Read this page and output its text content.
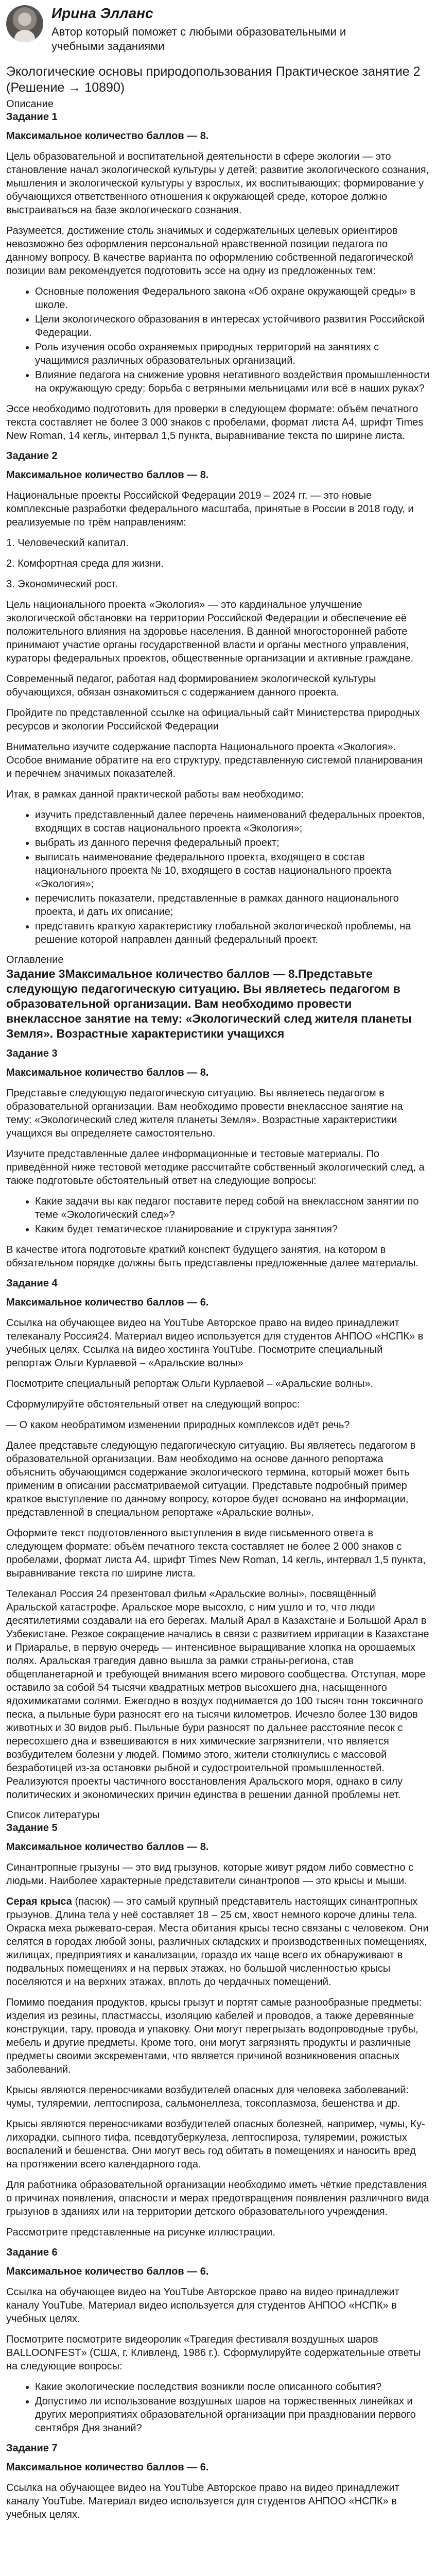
Ирина Элланс
Автор который поможет с любыми образовательными и учебными заданиями
Экологические основы природопользования Практическое занятие 2 (Решение → 10890)
Описание
Задание 1
Максимальное количество баллов — 8.

Цель образовательной и воспитательной деятельности в сфере экологии — это становление начал экологической культуры у детей; развитие экологического сознания, мышления и экологической культуры у взрослых, их воспитывающих; формирование у обучающихся ответственного отношения к окружающей среде, которое должно выстраиваться на базе экологического сознания.

Разумеется, достижение столь значимых и содержательных целевых ориентиров невозможно без оформления персональной нравственной позиции педагога по данному вопросу. В качестве варианта по оформлению собственной педагогической позиции вам рекомендуется подготовить эссе на одну из предложенных тем:

• Основные положения Федерального закона «Об охране окружающей среды» в школе.
• Цели экологического образования в интересах устойчивого развития Российской Федерации.
• Роль изучения особо охраняемых природных территорий на занятиях с учащимися различных образовательных организаций.
• Влияние педагога на снижение уровня негативного воздействия промышленности на окружающую среду: борьба с ветряными мельницами или всё в наших руках?

Эссе необходимо подготовить для проверки в следующем формате: объём печатного текста составляет не более 3 000 знаков с пробелами, формат листа А4, шрифт Times New Roman, 14 кегль, интервал 1,5 пункта, выравнивание текста по ширине листа.

Задание 2
Максимальное количество баллов — 8.

Национальные проекты Российской Федерации 2019 – 2024 гг. — это новые комплексные разработки федерального масштаба, принятые в России в 2018 году, и реализуемые по трём направлениям:

1. Человеческий капитал.

2. Комфортная среда для жизни.

3. Экономический рост.

Цель национального проекта «Экология» — это кардинальное улучшение экологической обстановки на территории Российской Федерации и обеспечение её положительного влияния на здоровье населения. В данной многосторонней работе принимают участие органы государственной власти и органы местного управления, кураторы федеральных проектов, общественные организации и активные граждане.

Современный педагог, работая над формированием экологической культуры обучающихся, обязан ознакомиться с содержанием данного проекта.

Пройдите по представленной ссылке на официальный сайт Министерства природных ресурсов и экологии Российской Федерации

Внимательно изучите содержание паспорта Национального проекта «Экология». Особое внимание обратите на его структуру, представленную системой планирования и перечнем значимых показателей.

Итак, в рамках данной практической работы вам необходимо:

• изучить представленный далее перечень наименований федеральных проектов, входящих в состав национального проекта «Экология»;
• выбрать из данного перечня федеральный проект;
• выписать наименование федерального проекта, входящего в состав национального проекта № 10, входящего в состав национального проекта «Экология»;
• перечислить показатели, представленные в рамках данного национального проекта, и дать их описание;
• представить краткую характеристику глобальной экологической проблемы, на решение которой направлен данный федеральный проект.
Оглавление
Задание 3Максимальное количество баллов — 8.Представьте следующую педагогическую ситуацию. Вы являетесь педагогом в образовательной организации. Вам необходимо провести внеклассное занятие на тему: «Экологический след жителя планеты Земля». Возрастные характеристики учащихся
Задание 3
Максимальное количество баллов — 8.

Представьте следующую педагогическую ситуацию. Вы являетесь педагогом в образовательной организации. Вам необходимо провести внеклассное занятие на тему: «Экологический след жителя планеты Земля». Возрастные характеристики учащихся вы определяете самостоятельно.

Изучите представленные далее информационные и тестовые материалы. По приведённой ниже тестовой методике рассчитайте собственный экологический след, а также подготовьте обстоятельный ответ на следующие вопросы:

• Какие задачи вы как педагог поставите перед собой на внеклассном занятии по теме «Экологический след»?
• Каким будет тематическое планирование и структура занятия?

В качестве итога подготовьте краткий конспект будущего занятия, на котором в обязательном порядке должны быть представлены предложенные далее материалы.

Задание 4
Максимальное количество баллов — 6.

Ссылка на обучающее видео на YouTube Авторское право на видео принадлежит телеканалу Россия24. Материал видео используется для студентов АНПОО «НСПК» в учебных целях. Ссылка на видео хостинга YouTube. Посмотрите специальный репортаж Ольги Курлаевой – «Аральские волны»

Посмотрите специальный репортаж Ольги Курлаевой – «Аральские волны».

Сформулируйте обстоятельный ответ на следующий вопрос:

— О каком необратимом изменении природных комплексов идёт речь?

Далее представьте следующую педагогическую ситуацию. Вы являетесь педагогом в образовательной организации. Вам необходимо на основе данного репортажа объяснить обучающимся содержание экологического термина, который может быть применим в описании рассматриваемой ситуации. Представьте подробный пример краткое выступление по данному вопросу, которое будет основано на информации, представленной в специальном репортаже «Аральские волны».

Оформите текст подготовленного выступления в виде письменного ответа в следующем формате: объём печатного текста составляет не более 2 000 знаков с пробелами, формат листа А4, шрифт Times New Roman, 14 кегль, интервал 1,5 пункта, выравнивание текста по ширине листа.

Телеканал Россия 24 презентовал фильм «Аральские волны», посвящённый Аральской катастрофе. Аральское море высохло, с ним ушло и то, что люди десятилетиями создавали на его берегах. Малый Арал в Казахстане и Большой Арал в Узбекистане. Резкое сокращение начались в связи с развитием ирригации в Казахстане и Приаралье, в первую очередь — интенсивное выращивание хлопка на орошаемых полях. Аральская трагедия давно вышла за рамки страны-региона, став общепланетарной и требующей внимания всего мирового сообщества. Отступая, море оставило за собой 54 тысячи квадратных метров высохшего дна, насыщенного ядохимикатами солями. Ежегодно в воздух поднимается до 100 тысяч тонн токсичного песка, а пыльные бури разносят его на тысячи километров. Исчезло более 130 видов животных и 30 видов рыб. Пыльные бури разносят по дальнее расстояние песок с пересохшего дна и взвешиваются в них химические загрязнители, что является возбудителем болезни у людей. Помимо этого, жители столкнулись с массовой безработицей из-за остановки рыбной и судостроительной промышленностей. Реализуются проекты частичного восстановления Аральского моря, однако в силу политических и экономических причин единства в решении данной проблемы нет.

Список литературы
Задание 5
Максимальное количество баллов — 8.

Синантропные грызуны — это вид грызунов, которые живут рядом либо совместно с людьми. Наиболее характерные представители синантропов — это крысы и мыши.

Серая крыса (пасюк) — это самый крупный представитель настоящих синантропных грызунов. Длина тела у неё составляет 18 – 25 см, хвост немного короче длины тела. Окраска меха рыжевато-серая. Места обитания крысы тесно связаны с человеком. Они селятся в городах любой зоны, различных складских и производственных помещениях, жилищах, предприятиях и канализации, гораздо их чаще всего их обнаруживают в подвальных помещениях и на первых этажах, но большой численностью крысы поселяются и на верхних этажах, вплоть до чердачных помещений.

Помимо поедания продуктов, крысы грызут и портят самые разнообразные предметы: изделия из резины, пластмассы, изоляцию кабелей и проводов, а также деревянные конструкции, тару, провода и упаковку. Они могут перегрызать водопроводные трубы, мебель и другие предметы. Кроме того, они могут загрязнять продукты и различные предметы своими экскрементами, что является причиной возникновения опасных заболеваний.

Крысы являются переносчиками возбудителей опасных для человека заболеваний: чумы, туляремии, лептоспироза, сальмонеллеза, токсоплазмоза, бешенства и др.

Крысы являются переносчиками возбудителей опасных болезней, например, чумы, Ку-лихорадки, сыпного тифа, псевдотуберкулеза, лептоспироза, туляремии, рожистых воспалений и бешенства. Они могут весь год обитать в помещениях и наносить вред на протяжении всего календарного года.

Для работника образовательной организации необходимо иметь чёткие представления о причинах появления, опасности и мерах предотвращения появления различного вида грызунов в зданиях или на территории детского образовательного учреждения.

Рассмотрите представленные на рисунке иллюстрации.

Задание 6
Максимальное количество баллов — 6.

Ссылка на обучающее видео на YouTube Авторское право на видео принадлежит каналу YouTube. Материал видео используется для студентов АНПОО «НСПК» в учебных целях.

Посмотрите посмотрите видеоролик «Трагедия фестиваля воздушных шаров BALLOONFEST» (США, г. Кливленд, 1986 г.). Сформулируйте содержательные ответы на следующие вопросы:

• Какие экологические последствия возникли после описанного события?
• Допустимо ли использование воздушных шаров на торжественных линейках и других мероприятиях образовательной организации при праздновании первого сентября Дня знаний?
Задание 7
Максимальное количество баллов — 6.

Ссылка на обучающее видео на YouTube Авторское право на видео принадлежит каналу YouTube. Материал видео используется для студентов АНПОО «НСПК» в учебных целях.
